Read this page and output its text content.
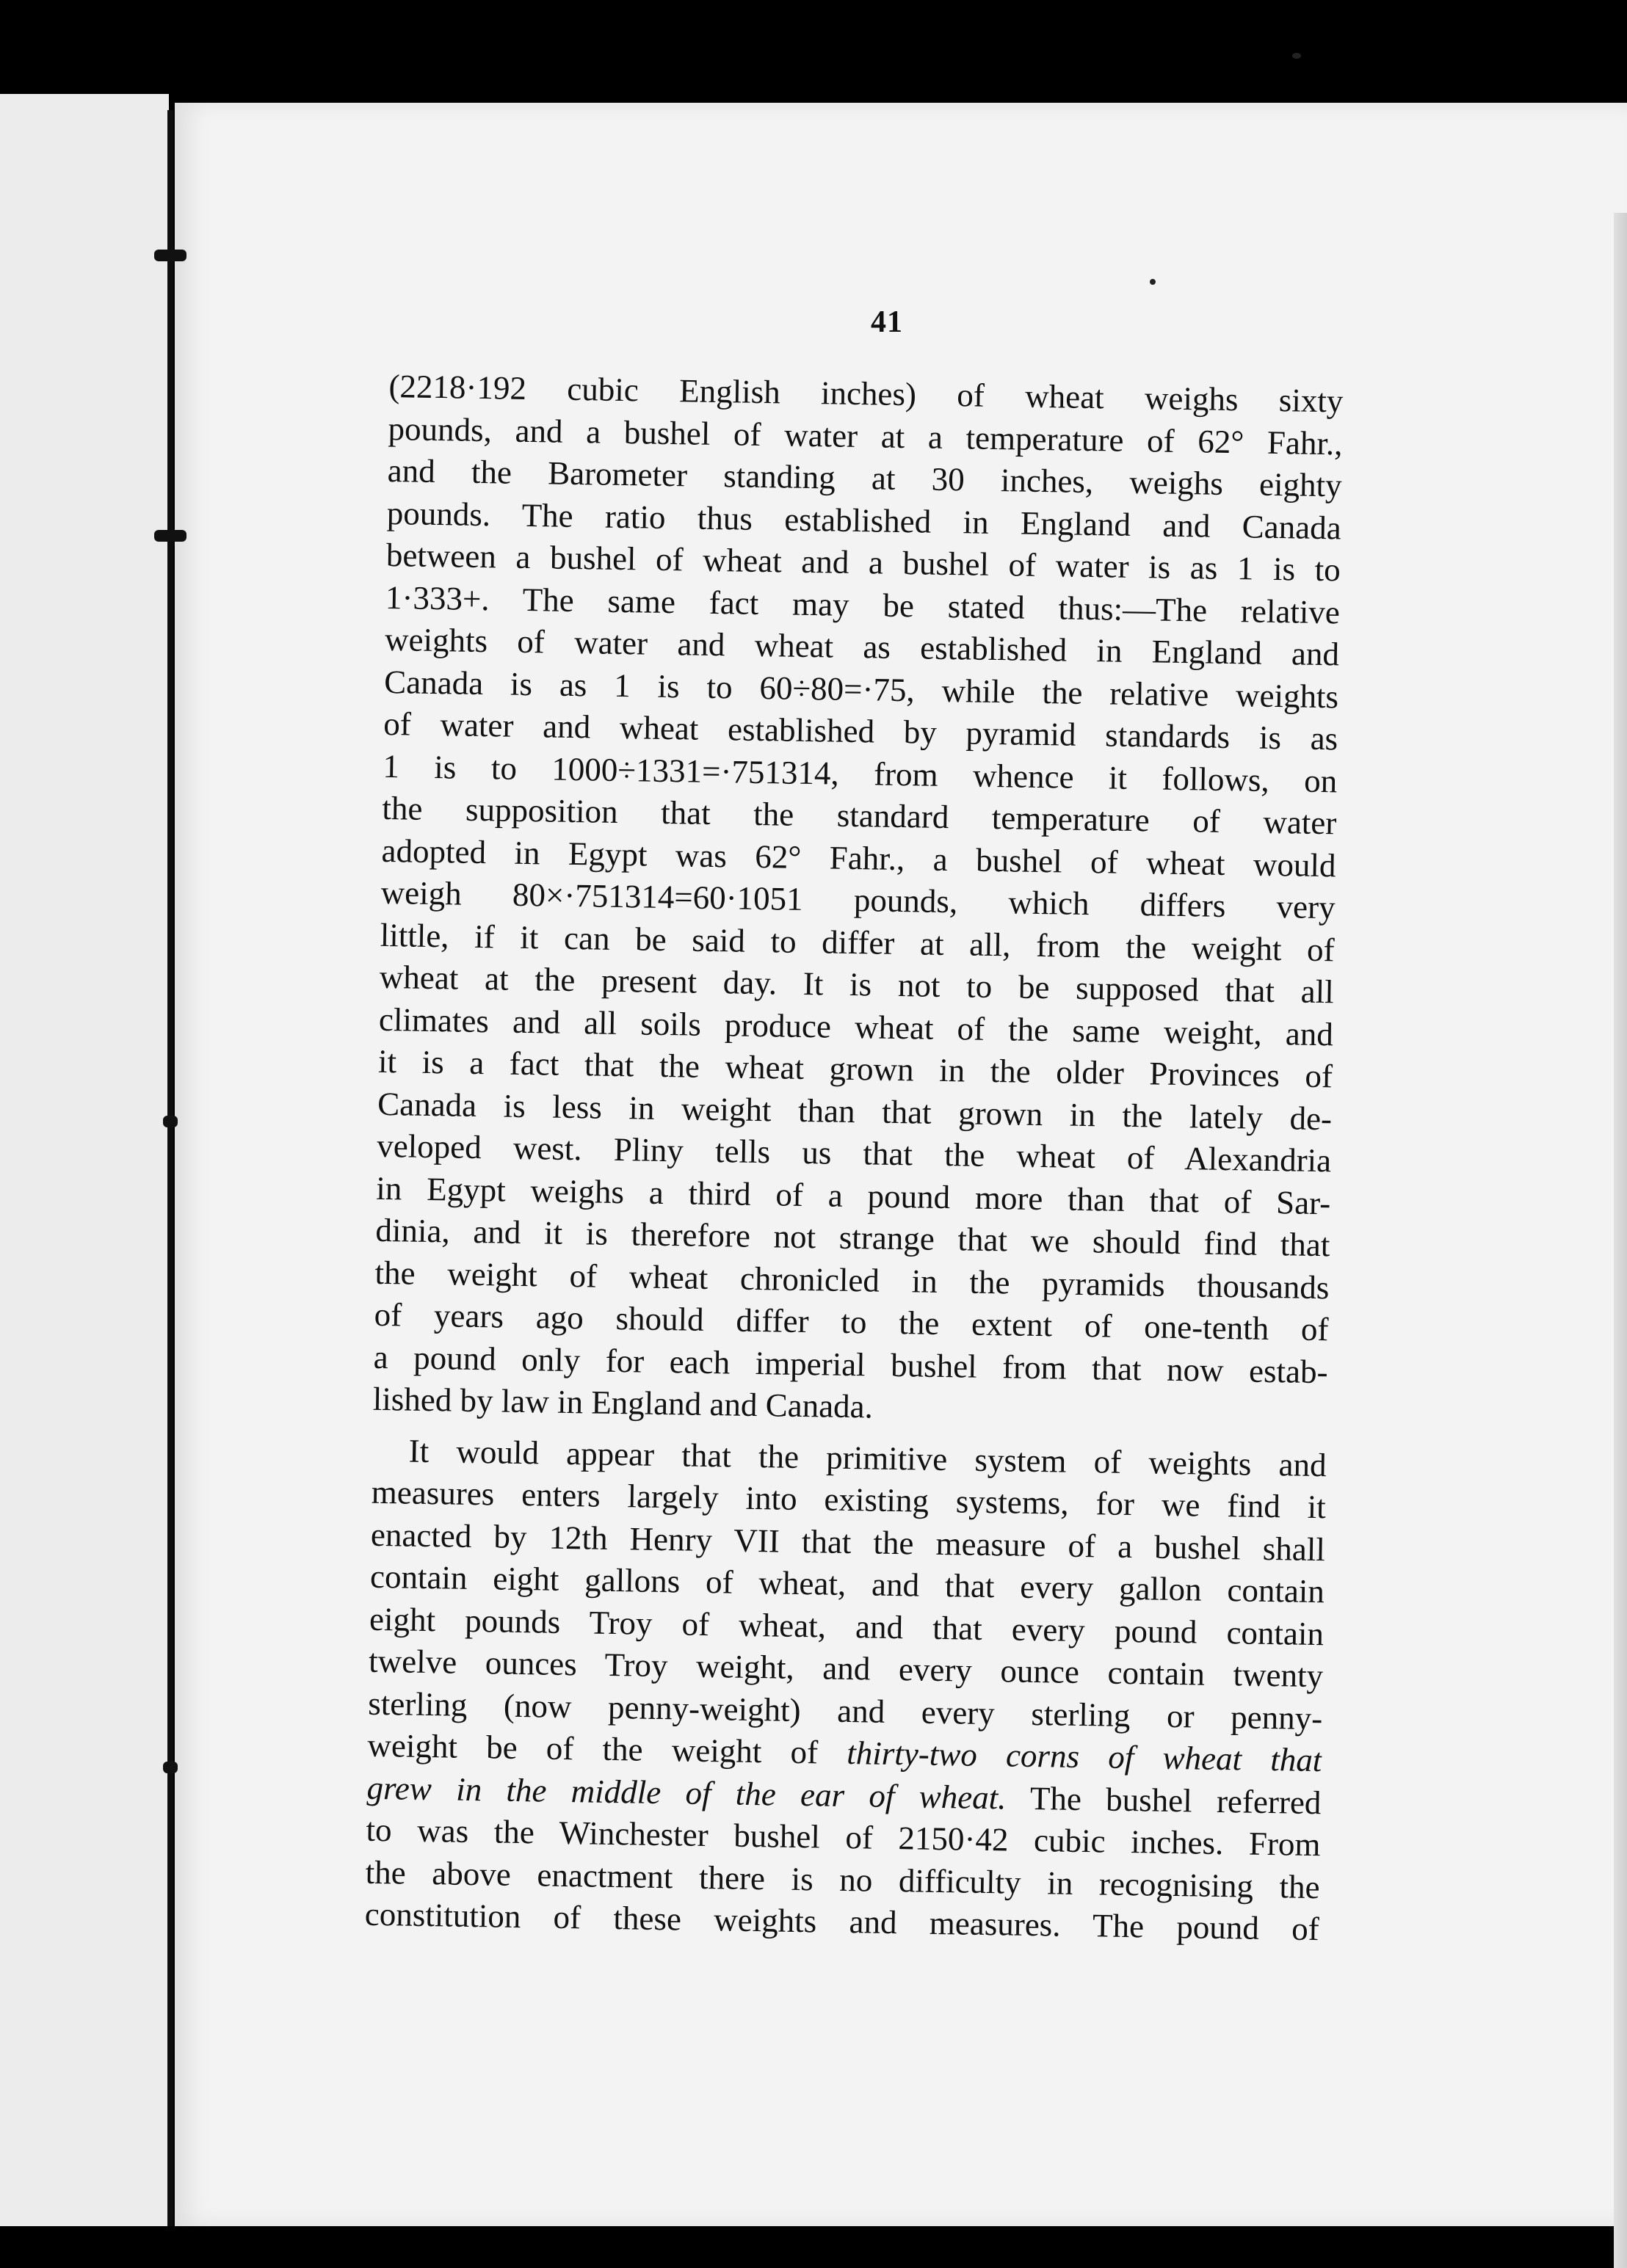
41
(2218·192 cubic English inches) of wheat weighs sixty
pounds, and a bushel of water at a temperature of 62° Fahr.,
and the Barometer standing at 30 inches, weighs eighty
pounds. The ratio thus established in England and Canada
between a bushel of wheat and a bushel of water is as 1 is to
1·333+. The same fact may be stated thus:—The relative
weights of water and wheat as established in England and
Canada is as 1 is to 60÷80=·75, while the relative weights
of water and wheat established by pyramid standards is as
1 is to 1000÷1331=·751314, from whence it follows, on
the supposition that the standard temperature of water
adopted in Egypt was 62° Fahr., a bushel of wheat would
weigh 80×·751314=60·1051 pounds, which differs very
little, if it can be said to differ at all, from the weight of
wheat at the present day. It is not to be supposed that all
climates and all soils produce wheat of the same weight, and
it is a fact that the wheat grown in the older Provinces of
Canada is less in weight than that grown in the lately de-
veloped west. Pliny tells us that the wheat of Alexandria
in Egypt weighs a third of a pound more than that of Sar-
dinia, and it is therefore not strange that we should find that
the weight of wheat chronicled in the pyramids thousands
of years ago should differ to the extent of one-tenth of
a pound only for each imperial bushel from that now estab-
lished by law in England and Canada.
It would appear that the primitive system of weights and
measures enters largely into existing systems, for we find it
enacted by 12th Henry VII that the measure of a bushel shall
contain eight gallons of wheat, and that every gallon contain
eight pounds Troy of wheat, and that every pound contain
twelve ounces Troy weight, and every ounce contain twenty
sterling (now penny-weight) and every sterling or penny-
weight be of the weight of thirty-two corns of wheat that
grew in the middle of the ear of wheat. The bushel referred
to was the Winchester bushel of 2150·42 cubic inches. From
the above enactment there is no difficulty in recognising the
constitution of these weights and measures. The pound of
